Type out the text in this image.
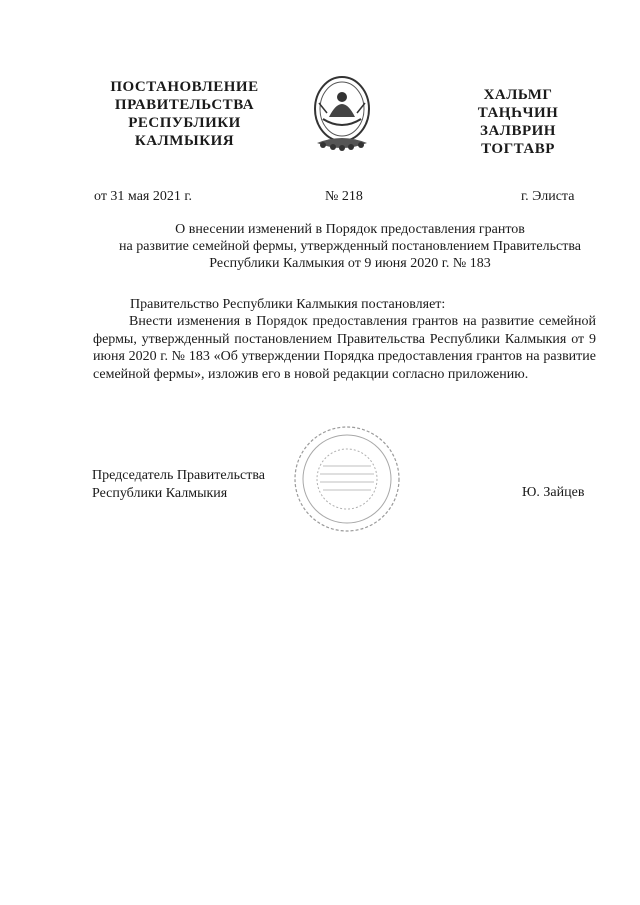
ПОСТАНОВЛЕНИЕ
ПРАВИТЕЛЬСТВА
РЕСПУБЛИКИ
КАЛМЫКИЯ
ХАЛЬМГ
ТАҢҺЧИН
ЗАЛВРИН
ТОГТАВР
от 31 мая 2021 г.	№ 218	г. Элиста
О внесении изменений в Порядок предоставления грантов
на развитие семейной фермы, утвержденный постановлением Правительства
Республики Калмыкия от 9 июня 2020 г. № 183
Правительство Республики Калмыкия постановляет:
Внести изменения в Порядок предоставления грантов на развитие семейной фермы, утвержденный постановлением Правительства Республики Калмыкия от 9 июня 2020 г. № 183 «Об утверждении Порядка предоставления грантов на развитие семейной фермы», изложив его в новой редакции согласно приложению.
Председатель Правительства
Республики Калмыкия	Ю. Зайцев
